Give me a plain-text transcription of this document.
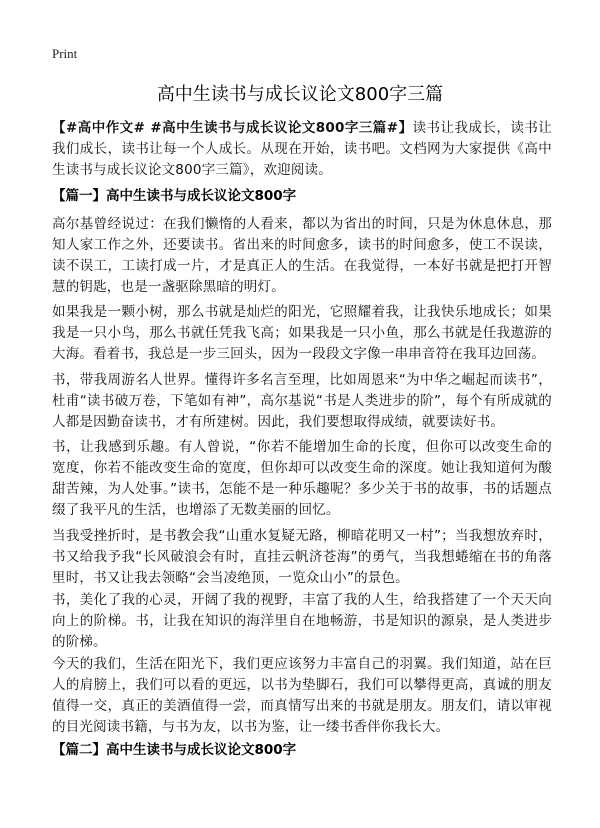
Print
高中生读书与成长议论文800字三篇

【#高中作文# #高中生读书与成长议论文800字三篇#】读书让我成长，读书让我们成长，读书让每一个人成长。从现在开始，读书吧。文档网为大家提供《高中生读书与成长议论文800字三篇》，欢迎阅读。

【篇一】高中生读书与成长议论文800字

高尔基曾经说过：在我们懒惰的人看来，都以为省出的时间，只是为休息休息，那知人家工作之外，还要读书。省出来的时间愈多，读书的时间愈多，使工不误读，读不误工，工读打成一片，才是真正人的生活。在我觉得，一本好书就是把打开智慧的钥匙，也是一盏驱除黑暗的明灯。

如果我是一颗小树，那么书就是灿烂的阳光，它照耀着我，让我快乐地成长；如果我是一只小鸟，那么书就任凭我飞高；如果我是一只小鱼，那么书就是任我遨游的大海。看着书，我总是一步三回头，因为一段段文字像一串串音符在我耳边回荡。

书，带我周游名人世界。懂得许多名言至理，比如周恩来“为中华之崛起而读书”，杜甫“读书破万卷，下笔如有神”，高尔基说“书是人类进步的阶”，每个有所成就的人都是因勤奋读书，才有所建树。因此，我们要想取得成绩，就要读好书。

书，让我感到乐趣。有人曾说，“你若不能增加生命的长度，但你可以改变生命的宽度，你若不能改变生命的宽度，但你却可以改变生命的深度。她让我知道何为酸甜苦辣，为人处事。”读书，怎能不是一种乐趣呢？多少关于书的故事，书的话题点缀了我平凡的生活，也增添了无数美丽的回忆。

当我受挫折时，是书教会我“山重水复疑无路，柳暗花明又一村”；当我想放弃时，书又给我予我“长风破浪会有时，直挂云帆济苍海”的勇气，当我想蜷缩在书的角落里时，书又让我去领略“会当凌绝顶，一览众山小”的景色。

书，美化了我的心灵，开阔了我的视野，丰富了我的人生，给我搭建了一个天天向向上的阶梯。书，让我在知识的海洋里自在地畅游，书是知识的源泉，是人类进步的阶梯。

今天的我们，生活在阳光下，我们更应该努力丰富自己的羽翼。我们知道，站在巨人的肩膀上，我们可以看的更远，以书为垫脚石，我们可以攀得更高，真诚的朋友值得一交，真正的美酒值得一尝，而真情写出来的书就是朋友。朋友们，请以审视的目光阅读书籍，与书为友，以书为鉴，让一缕书香伴你我长大。

【篇二】高中生读书与成长议论文800字
